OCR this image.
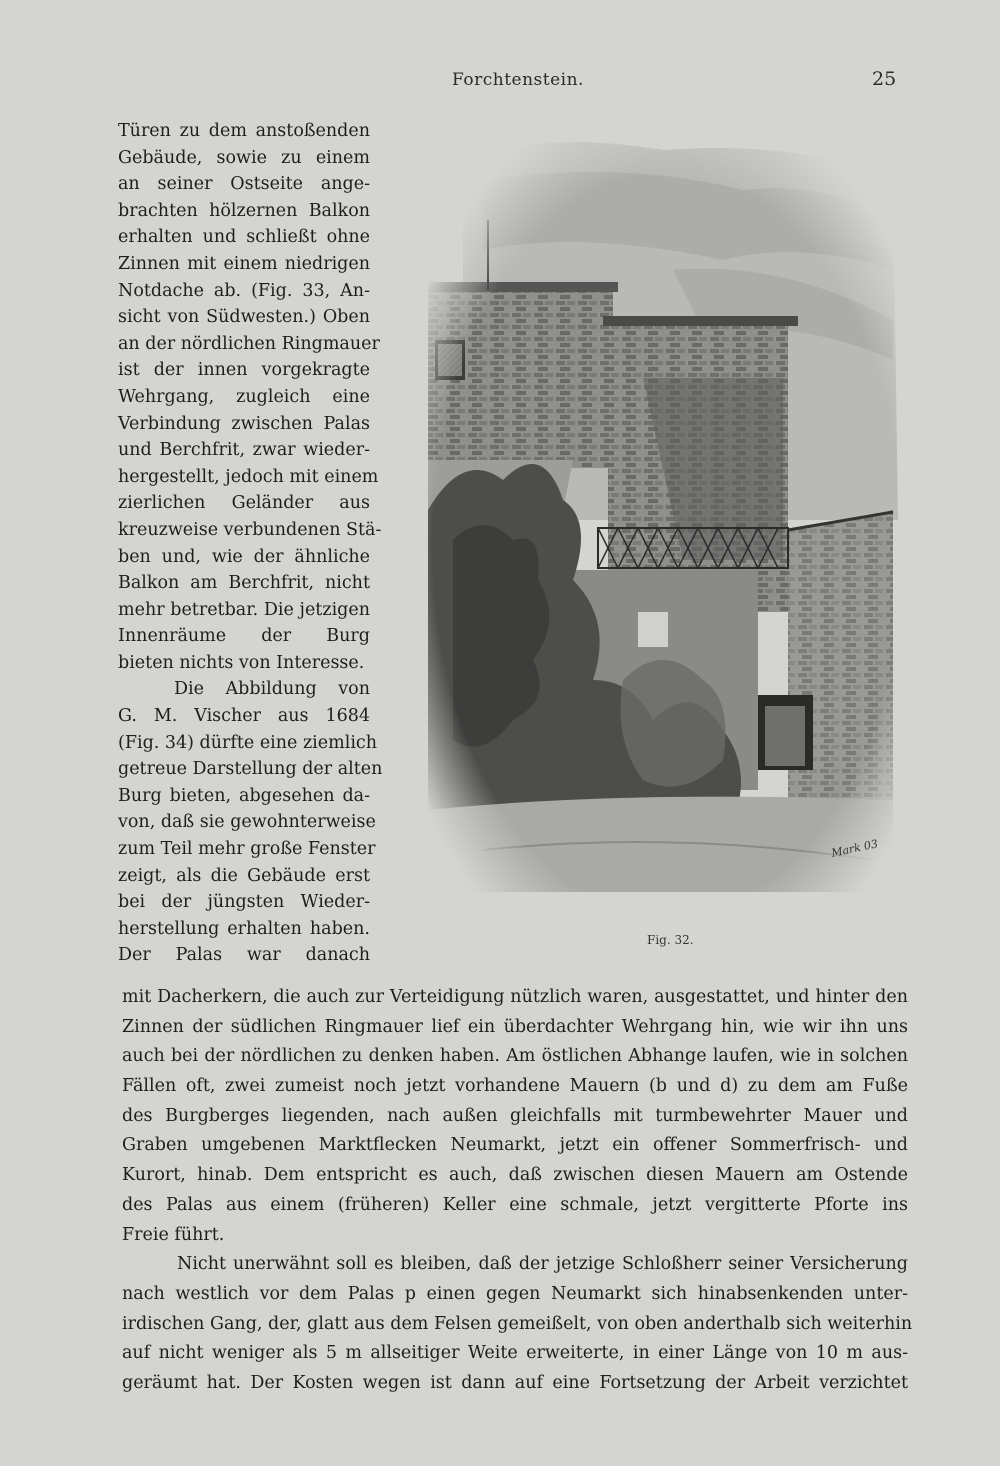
Forchtenstein.	25
Türen zu dem anstoßenden
Gebäude, sowie zu einem
an seiner Ostseite ange-
brachten hölzernen Balkon
erhalten und schließt ohne
Zinnen mit einem niedrigen
Notdache ab. (Fig. 33, An-
sicht von Südwesten.) Oben
an der nördlichen Ringmauer
ist der innen vorgekragte
Wehrgang, zugleich eine
Verbindung zwischen Palas
und Berchfrit, zwar wieder-
hergestellt, jedoch mit einem
zierlichen Geländer aus
kreuzweise verbundenen Stä-
ben und, wie der ähnliche
Balkon am Berchfrit, nicht
mehr betretbar. Die jetzigen
Innenräume der Burg
bieten nichts von Interesse.
Die Abbildung von
G. M. Vischer aus 1684
(Fig. 34) dürfte eine ziemlich
getreue Darstellung der alten
Burg bieten, abgesehen da-
von, daß sie gewohnterweise
zum Teil mehr große Fenster
zeigt, als die Gebäude erst
bei der jüngsten Wieder-
herstellung erhalten haben.
Der Palas war danach
Mark 03
Fig. 32.
mit Dacherkern, die auch zur Verteidigung nützlich waren, ausgestattet, und hinter den
Zinnen der südlichen Ringmauer lief ein überdachter Wehrgang hin, wie wir ihn uns
auch bei der nördlichen zu denken haben. Am östlichen Abhange laufen, wie in solchen
Fällen oft, zwei zumeist noch jetzt vorhandene Mauern (b und d) zu dem am Fuße
des Burgberges liegenden, nach außen gleichfalls mit turmbewehrter Mauer und
Graben umgebenen Marktflecken Neumarkt, jetzt ein offener Sommerfrisch- und
Kurort, hinab. Dem entspricht es auch, daß zwischen diesen Mauern am Ostende
des Palas aus einem (früheren) Keller eine schmale, jetzt vergitterte Pforte ins
Freie führt.
Nicht unerwähnt soll es bleiben, daß der jetzige Schloßherr seiner Versicherung
nach westlich vor dem Palas p einen gegen Neumarkt sich hinabsenkenden unter-
irdischen Gang, der, glatt aus dem Felsen gemeißelt, von oben anderthalb sich weiterhin
auf nicht weniger als 5 m allseitiger Weite erweiterte, in einer Länge von 10 m aus-
geräumt hat. Der Kosten wegen ist dann auf eine Fortsetzung der Arbeit verzichtet
